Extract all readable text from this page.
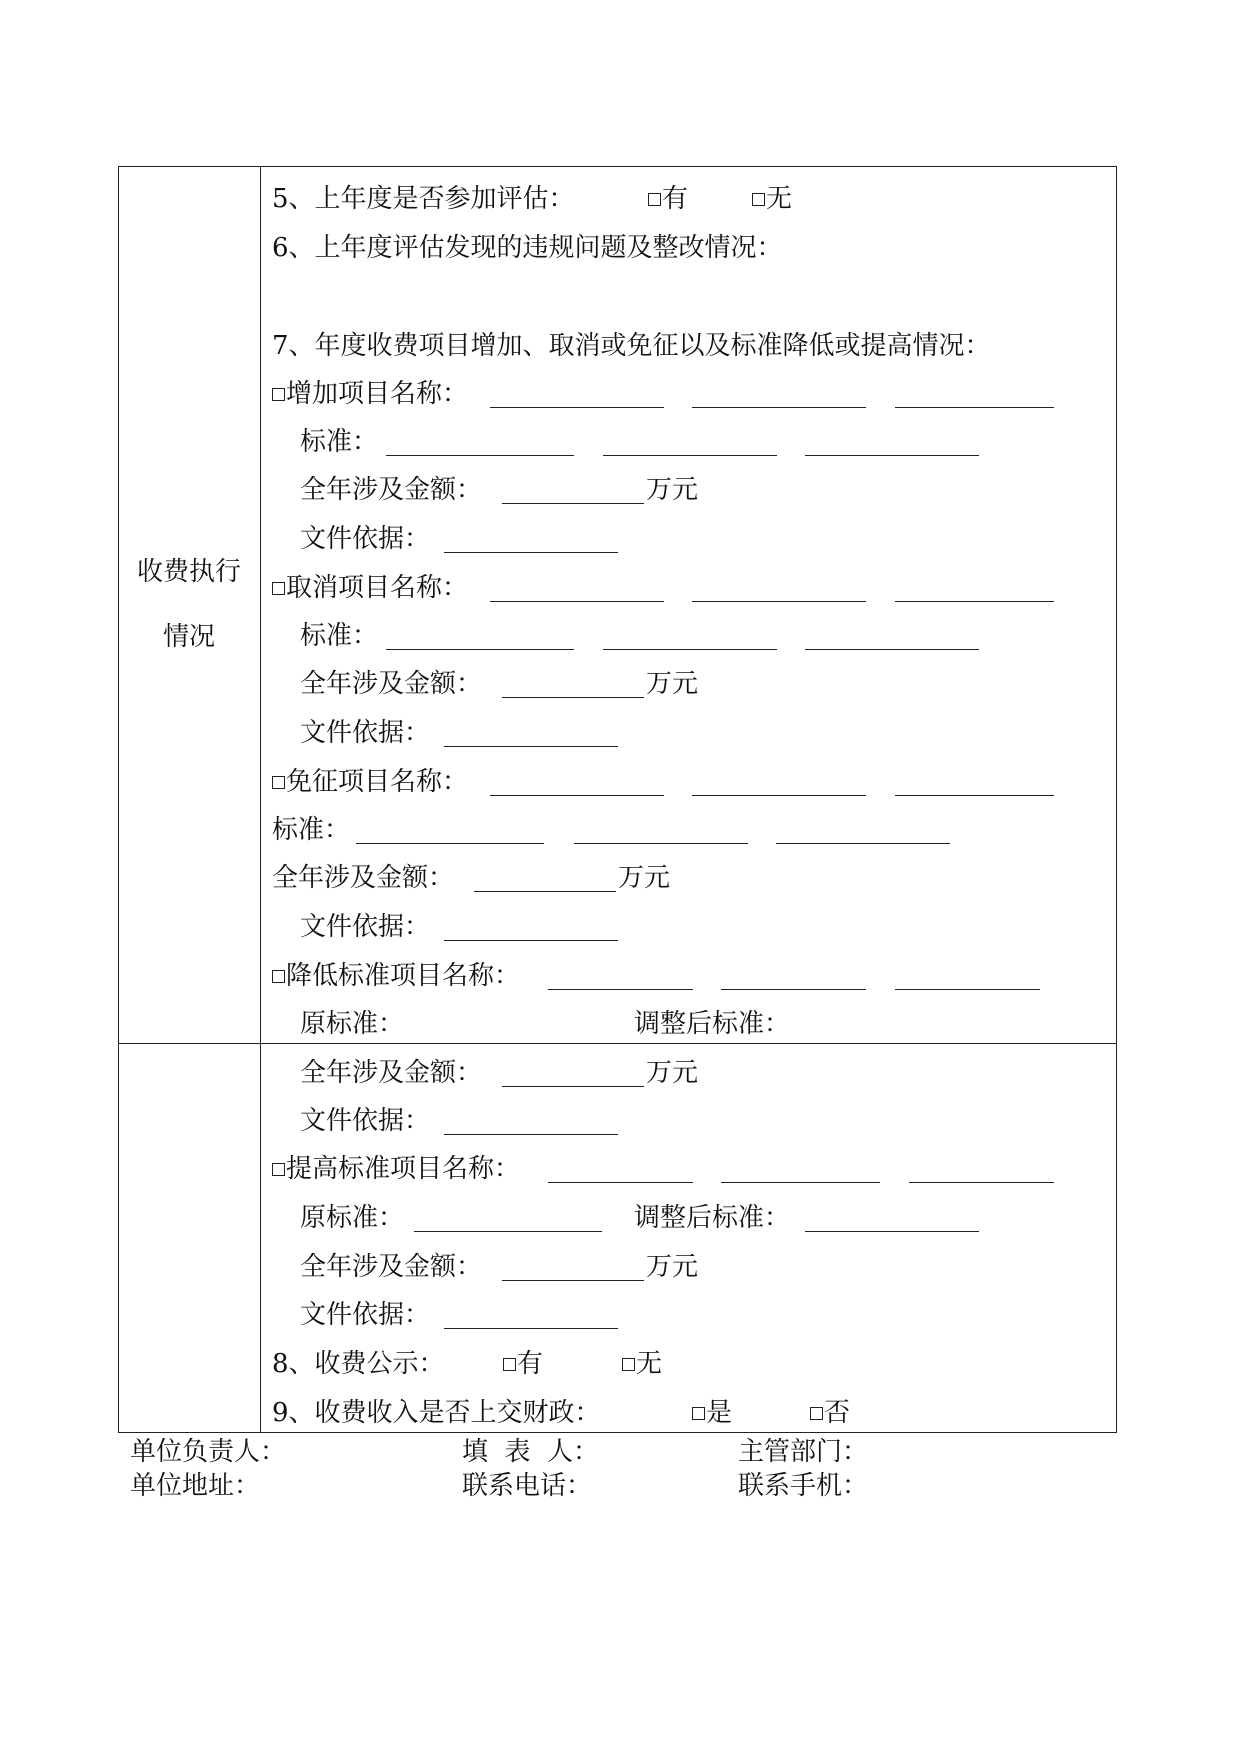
收费执行
情况
5、上年度是否参加评估：	有	无
6、上年度评估发现的违规问题及整改情况：
7、年度收费项目增加、取消或免征以及标准降低或提高情况：
增加项目名称：
标准：
全年涉及金额：	万元
文件依据：
取消项目名称：
标准：
全年涉及金额：	万元
文件依据：
免征项目名称：
标准：
全年涉及金额：	万元
文件依据：
降低标准项目名称：
原标准：	调整后标准：
全年涉及金额：	万元
文件依据：
提高标准项目名称：
原标准：	调整后标准：
全年涉及金额：	万元
文件依据：
8、收费公示：	有	无
9、收费收入是否上交财政：	是	否
单位负责人：	填  表  人：	主管部门：
单位地址：	联系电话：	联系手机：
